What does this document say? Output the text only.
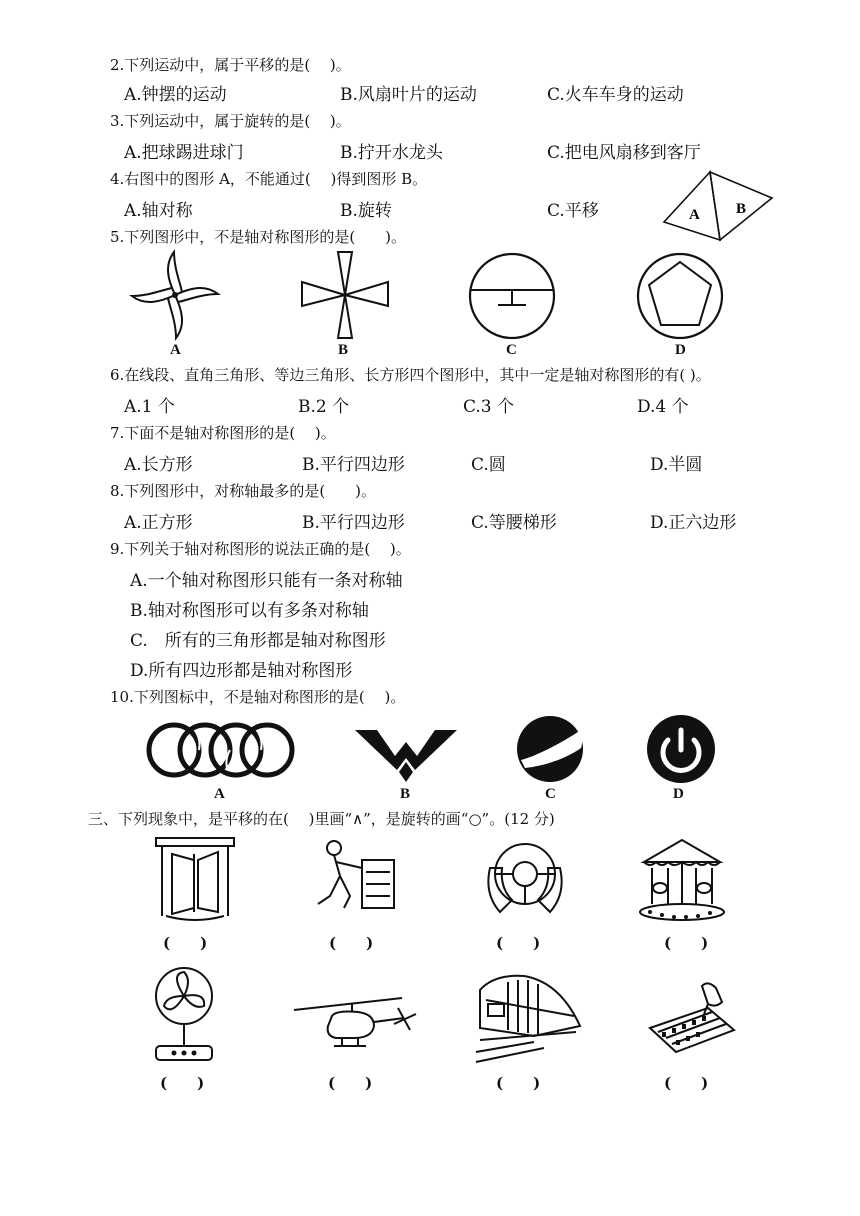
2.下列运动中，属于平移的是(　 )。
A.钟摆的运动	B.风扇叶片的运动	C.火车车身的运动
3.下列运动中，属于旋转的是(　 )。
A.把球踢进球门	B.拧开水龙头	C.把电风扇移到客厅
4.右图中的图形 A，不能通过(　 )得到图形 B。
A.轴对称	B.旋转	C.平移	A B
5.下列图形中，不是轴对称图形的是(　　)。
A	B	C	D
6.在线段、直角三角形、等边三角形、长方形四个图形中，其中一定是轴对称图形的有( )。
A.1 个	B.2 个	C.3 个	D.4 个
7.下面不是轴对称图形的是(　 )。
A.长方形	B.平行四边形	C.圆	D.半圆
8.下列图形中，对称轴最多的是(　　)。
A.正方形	B.平行四边形	C.等腰梯形	D.正六边形
9.下列关于轴对称图形的说法正确的是(　 )。
A.一个轴对称图形只能有一条对称轴
B.轴对称图形可以有多条对称轴
C.　所有的三角形都是轴对称图形
D.所有四边形都是轴对称图形
10.下列图标中，不是轴对称图形的是(　 )。
A	B	C	D
三、下列现象中，是平移的在(　 )里画“∧”，是旋转的画“○”。(12 分)
(　　)	(　　)	(　　)	(　　)
(　　)	(　　)	(　　)	(　　)
